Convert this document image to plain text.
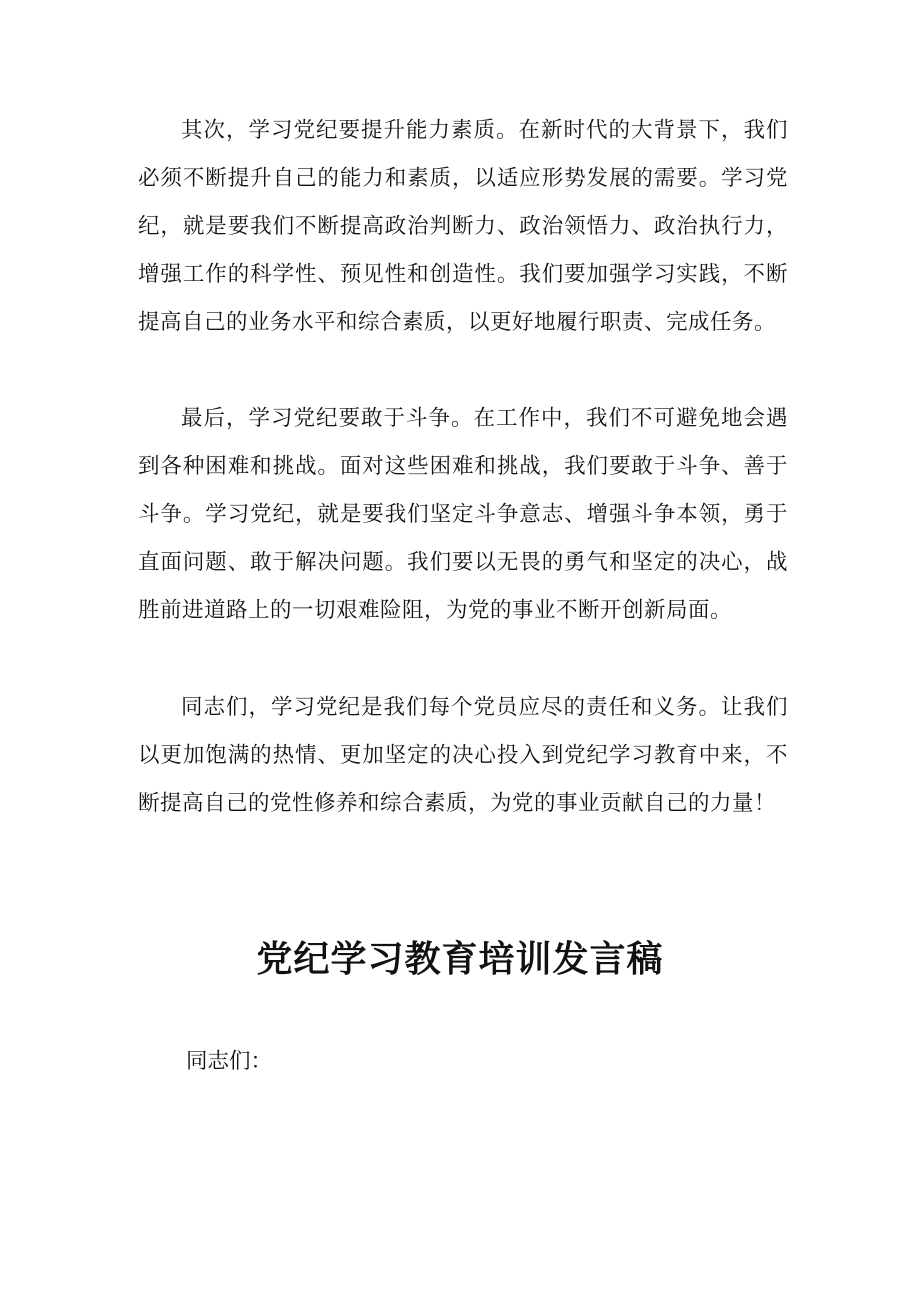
其次，学习党纪要提升能力素质。在新时代的大背景下，我们必须不断提升自己的能力和素质，以适应形势发展的需要。学习党纪，就是要我们不断提高政治判断力、政治领悟力、政治执行力，增强工作的科学性、预见性和创造性。我们要加强学习实践，不断提高自己的业务水平和综合素质，以更好地履行职责、完成任务。

最后，学习党纪要敢于斗争。在工作中，我们不可避免地会遇到各种困难和挑战。面对这些困难和挑战，我们要敢于斗争、善于斗争。学习党纪，就是要我们坚定斗争意志、增强斗争本领，勇于直面问题、敢于解决问题。我们要以无畏的勇气和坚定的决心，战胜前进道路上的一切艰难险阻，为党的事业不断开创新局面。

同志们，学习党纪是我们每个党员应尽的责任和义务。让我们以更加饱满的热情、更加坚定的决心投入到党纪学习教育中来，不断提高自己的党性修养和综合素质，为党的事业贡献自己的力量！

党纪学习教育培训发言稿

同志们：
